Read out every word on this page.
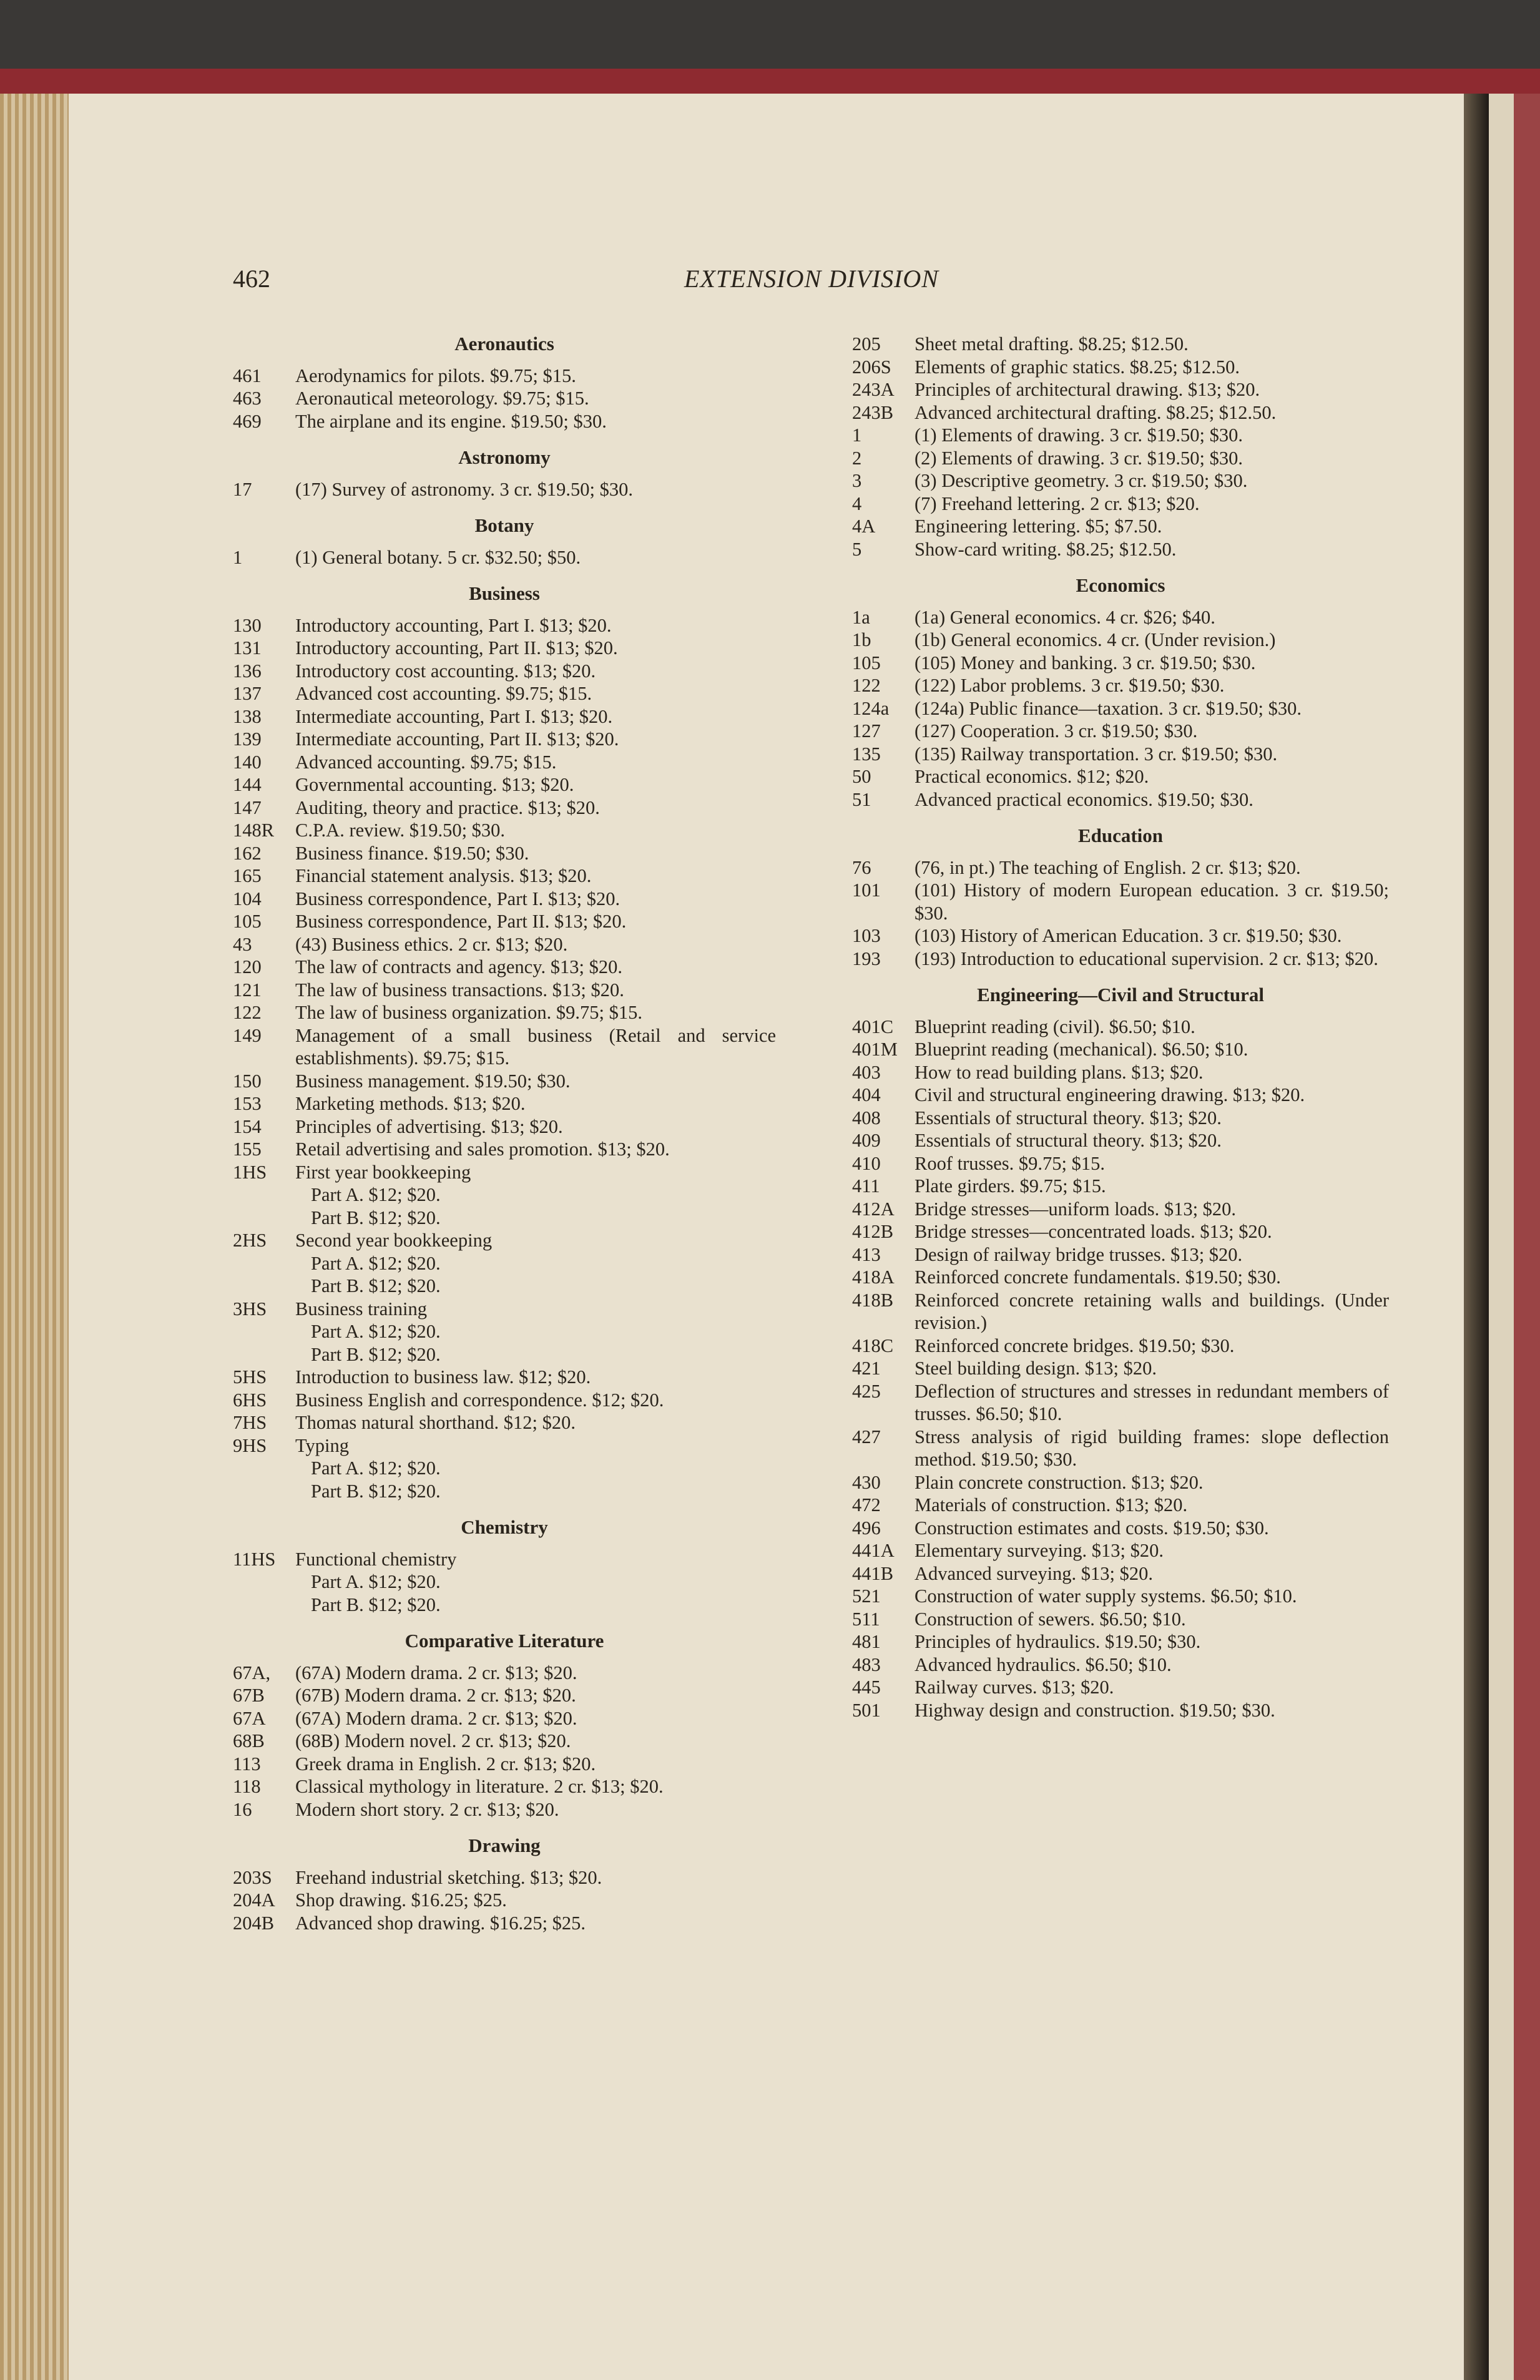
462	EXTENSION DIVISION
Aeronautics
461	Aerodynamics for pilots. $9.75; $15.
463	Aeronautical meteorology. $9.75; $15.
469	The airplane and its engine. $19.50; $30.
Astronomy
17	(17) Survey of astronomy. 3 cr. $19.50; $30.
Botany
1	(1) General botany. 5 cr. $32.50; $50.
Business
130	Introductory accounting, Part I. $13; $20.
131	Introductory accounting, Part II. $13; $20.
136	Introductory cost accounting. $13; $20.
137	Advanced cost accounting. $9.75; $15.
138	Intermediate accounting, Part I. $13; $20.
139	Intermediate accounting, Part II. $13; $20.
140	Advanced accounting. $9.75; $15.
144	Governmental accounting. $13; $20.
147	Auditing, theory and practice. $13; $20.
148R	C.P.A. review. $19.50; $30.
162	Business finance. $19.50; $30.
165	Financial statement analysis. $13; $20.
104	Business correspondence, Part I. $13; $20.
105	Business correspondence, Part II. $13; $20.
43	(43) Business ethics. 2 cr. $13; $20.
120	The law of contracts and agency. $13; $20.
121	The law of business transactions. $13; $20.
122	The law of business organization. $9.75; $15.
149	Management of a small business (Retail and service establishments). $9.75; $15.
150	Business management. $19.50; $30.
153	Marketing methods. $13; $20.
154	Principles of advertising. $13; $20.
155	Retail advertising and sales promotion. $13; $20.
1HS	First year bookkeeping
Part A. $12; $20.
Part B. $12; $20.
2HS	Second year bookkeeping
Part A. $12; $20.
Part B. $12; $20.
3HS	Business training
Part A. $12; $20.
Part B. $12; $20.
5HS	Introduction to business law. $12; $20.
6HS	Business English and correspondence. $12; $20.
7HS	Thomas natural shorthand. $12; $20.
9HS	Typing
Part A. $12; $20.
Part B. $12; $20.
Chemistry
11HS	Functional chemistry
Part A. $12; $20.
Part B. $12; $20.
Comparative Literature
67A,	(67A) Modern drama. 2 cr. $13; $20.
67B	(67B) Modern drama. 2 cr. $13; $20.
67A	(67A) Modern drama. 2 cr. $13; $20.
68B	(68B) Modern novel. 2 cr. $13; $20.
113	Greek drama in English. 2 cr. $13; $20.
118	Classical mythology in literature. 2 cr. $13; $20.
16	Modern short story. 2 cr. $13; $20.
Drawing
203S	Freehand industrial sketching. $13; $20.
204A	Shop drawing. $16.25; $25.
204B	Advanced shop drawing. $16.25; $25.
205	Sheet metal drafting. $8.25; $12.50.
206S	Elements of graphic statics. $8.25; $12.50.
243A	Principles of architectural drawing. $13; $20.
243B	Advanced architectural drafting. $8.25; $12.50.
1	(1) Elements of drawing. 3 cr. $19.50; $30.
2	(2) Elements of drawing. 3 cr. $19.50; $30.
3	(3) Descriptive geometry. 3 cr. $19.50; $30.
4	(7) Freehand lettering. 2 cr. $13; $20.
4A	Engineering lettering. $5; $7.50.
5	Show-card writing. $8.25; $12.50.
Economics
1a	(1a) General economics. 4 cr. $26; $40.
1b	(1b) General economics. 4 cr. (Under revision.)
105	(105) Money and banking. 3 cr. $19.50; $30.
122	(122) Labor problems. 3 cr. $19.50; $30.
124a	(124a) Public finance—taxation. 3 cr. $19.50; $30.
127	(127) Cooperation. 3 cr. $19.50; $30.
135	(135) Railway transportation. 3 cr. $19.50; $30.
50	Practical economics. $12; $20.
51	Advanced practical economics. $19.50; $30.
Education
76	(76, in pt.) The teaching of English. 2 cr. $13; $20.
101	(101) History of modern European education. 3 cr. $19.50; $30.
103	(103) History of American Education. 3 cr. $19.50; $30.
193	(193) Introduction to educational supervision. 2 cr. $13; $20.
Engineering—Civil and Structural
401C	Blueprint reading (civil). $6.50; $10.
401M Blueprint reading (mechanical). $6.50; $10.
403	How to read building plans. $13; $20.
404	Civil and structural engineering drawing. $13; $20.
408	Essentials of structural theory. $13; $20.
409	Essentials of structural theory. $13; $20.
410	Roof trusses. $9.75; $15.
411	Plate girders. $9.75; $15.
412A	Bridge stresses—uniform loads. $13; $20.
412B	Bridge stresses—concentrated loads. $13; $20.
413	Design of railway bridge trusses. $13; $20.
418A	Reinforced concrete fundamentals. $19.50; $30.
418B	Reinforced concrete retaining walls and buildings. (Under revision.)
418C	Reinforced concrete bridges. $19.50; $30.
421	Steel building design. $13; $20.
425	Deflection of structures and stresses in redundant members of trusses. $6.50; $10.
427	Stress analysis of rigid building frames: slope deflection method. $19.50; $30.
430	Plain concrete construction. $13; $20.
472	Materials of construction. $13; $20.
496	Construction estimates and costs. $19.50; $30.
441A	Elementary surveying. $13; $20.
441B	Advanced surveying. $13; $20.
521	Construction of water supply systems. $6.50; $10.
511	Construction of sewers. $6.50; $10.
481	Principles of hydraulics. $19.50; $30.
483	Advanced hydraulics. $6.50; $10.
445	Railway curves. $13; $20.
501	Highway design and construction. $19.50; $30.
